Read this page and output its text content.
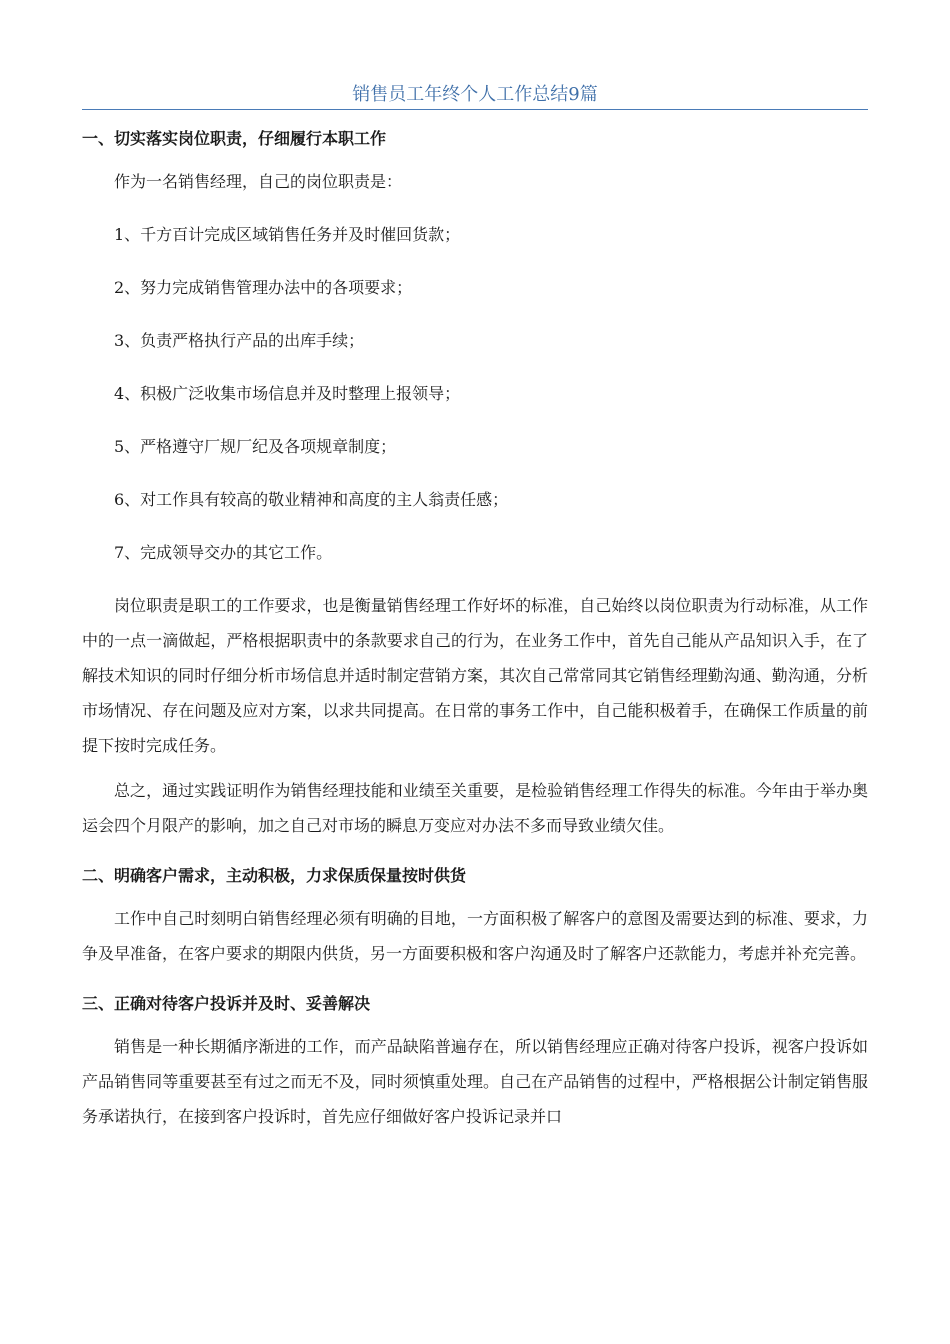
销售员工年终个人工作总结9篇
一、切实落实岗位职责，仔细履行本职工作

作为一名销售经理，自己的岗位职责是：

1、千方百计完成区域销售任务并及时催回货款；

2、努力完成销售管理办法中的各项要求；

3、负责严格执行产品的出库手续；

4、积极广泛收集市场信息并及时整理上报领导；

5、严格遵守厂规厂纪及各项规章制度；

6、对工作具有较高的敬业精神和高度的主人翁责任感；

7、完成领导交办的其它工作。

岗位职责是职工的工作要求，也是衡量销售经理工作好坏的标准，自己始终以岗位职责为行动标准，从工作中的一点一滴做起，严格根据职责中的条款要求自己的行为，在业务工作中，首先自己能从产品知识入手，在了解技术知识的同时仔细分析市场信息并适时制定营销方案，其次自己常常同其它销售经理勤沟通、勤沟通，分析市场情况、存在问题及应对方案，以求共同提高。在日常的事务工作中，自己能积极着手，在确保工作质量的前提下按时完成任务。

总之，通过实践证明作为销售经理技能和业绩至关重要，是检验销售经理工作得失的标准。今年由于举办奥运会四个月限产的影响，加之自己对市场的瞬息万变应对办法不多而导致业绩欠佳。

二、明确客户需求，主动积极，力求保质保量按时供货

工作中自己时刻明白销售经理必须有明确的目地，一方面积极了解客户的意图及需要达到的标准、要求，力争及早准备，在客户要求的期限内供货，另一方面要积极和客户沟通及时了解客户还款能力，考虑并补充完善。

三、正确对待客户投诉并及时、妥善解决

销售是一种长期循序渐进的工作，而产品缺陷普遍存在，所以销售经理应正确对待客户投诉，视客户投诉如产品销售同等重要甚至有过之而无不及，同时须慎重处理。自己在产品销售的过程中，严格根据公计制定销售服务承诺执行，在接到客户投诉时，首先应仔细做好客户投诉记录并口
